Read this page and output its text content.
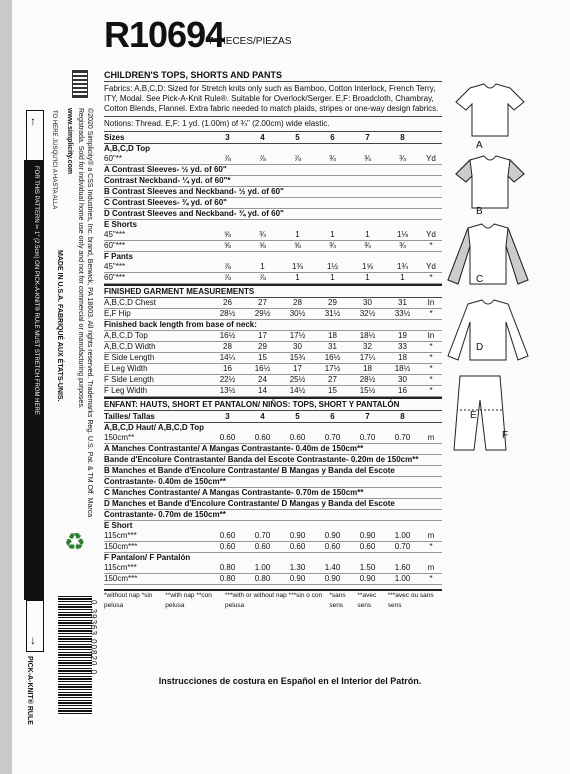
FOR THIS PATTERN ✂ 1" (2.5cm) ON PICK-A-KNIT® RULE MUST STRETCH FROM HERE
↑
↓
TO HERE JUSQU'ICI A HASTA ALLA	©2020 Simplicity® a CSS Industries, Inc. brand, Berwick, PA 18603. All rights reserved. Trademarks Reg. U.S. Pat. & TM Off. Marca Registrada. Sold for individual home use only and not for commercial or manufacturing purposes.
www.simplicity.com
MADE IN U.S.A. FABRIQUÉ AUX ÉTATS-UNIS.
♻
0 39363 00820 0
PICK-A-KNIT® RULE
R10694
7 PIECES/PIEZAS
CHILDREN'S TOPS, SHORTS AND PANTS
Fabrics: A,B,C,D: Sized for Stretch knits only such as Bamboo, Cotton Interlock, French Terry, ITY, Modal. See Pick-A-Knit Rule®. Suitable for Overlock/Serger. E,F: Broadcloth, Chambray, Cotton Blends, Flannel. Extra fabric needed to match plaids, stripes or one-way design fabrics.
Notions: Thread. E,F: 1 yd. (1.00m) of ¾" (2.00cm) wide elastic.
Sizes	3	4	5	6	7	8
A,B,C,D Top
60"**	⅞	⅞	⅞	¾	¾	¾	Yd
A Contrast Sleeves- ½ yd. of 60"
Contrast Neckband- ¼ yd. of 60"*
B Contrast Sleeves and Neckband- ½ yd. of 60"
C Contrast Sleeves- ¾ yd. of 60"
D Contrast Sleeves and Neckband- ¾ yd. of 60"
E Shorts
45"***	⅝	¾	1	1	1	1⅛	Yd
60"***	⅝	⅝	⅝	¾	¾	¾	*
F Pants
45"***	⅞	1	1⅜	1½	1⅝	1¾	Yd
60"***	⅞	⅞	1	1	1	1	*
FINISHED GARMENT MEASUREMENTS
A,B,C,D Chest	26	27	28	29	30	31	In
E,F Hip	28½	29½	30½	31½	32½	33½	*
Finished back length from base of neck:
A,B,C,D Top	16½	17	17½	18	18½	19	In
A,B,C,D Width	28	29	30	31	32	33	*
E Side Length	14¼	15	15¾	16½	17¼	18	*
E Leg Width	16	16½	17	17½	18	18½	*
F Side Length	22½	24	25½	27	28½	30	*
F Leg Width	13½	14	14½	15	15½	16	*
ENFANT: HAUTS, SHORT ET PANTALON/ NIÑOS: TOPS, SHORT Y PANTALÓN
Tailles/ Tallas	3	4	5	6	7	8
A,B,C,D Haut/ A,B,C,D Top
150cm**	0.60	0.60	0.60	0.70	0.70	0.70	m
A Manches Contrastante/ A Mangas Contrastante- 0.40m de 150cm**
Bande d'Encolure Contrastante/ Banda del Escote Contrastante- 0.20m de 150cm**
B Manches et Bande d'Encolure Contrastante/ B Mangas y Banda del Escote
Contrastante- 0.40m de 150cm**
C Manches Contrastante/ A Mangas Contrastante- 0.70m de 150cm**
D Manches et Bande d'Encolure Contrastante/ D Mangas y Banda del Escote
Contrastante- 0.70m de 150cm**
E Short
115cm***	0.60	0.70	0.90	0.90	0.90	1.00	m
150cm***	0.60	0.60	0.60	0.60	0.60	0.70	*
F Pantalon/ F Pantalón
115cm***	0.80	1.00	1.30	1.40	1.50	1.60	m
150cm***	0.80	0.80	0.90	0.90	0.90	1.00	*
*without nap *sin pelusa
**with nap **con pelusa
***with or without nap ***sin o con pelusa
*sans sens
**avec sens
***avec ou sans sens
Instrucciones de costura en Español en el Interior del Patrón.
A
B
C
D
E
F
